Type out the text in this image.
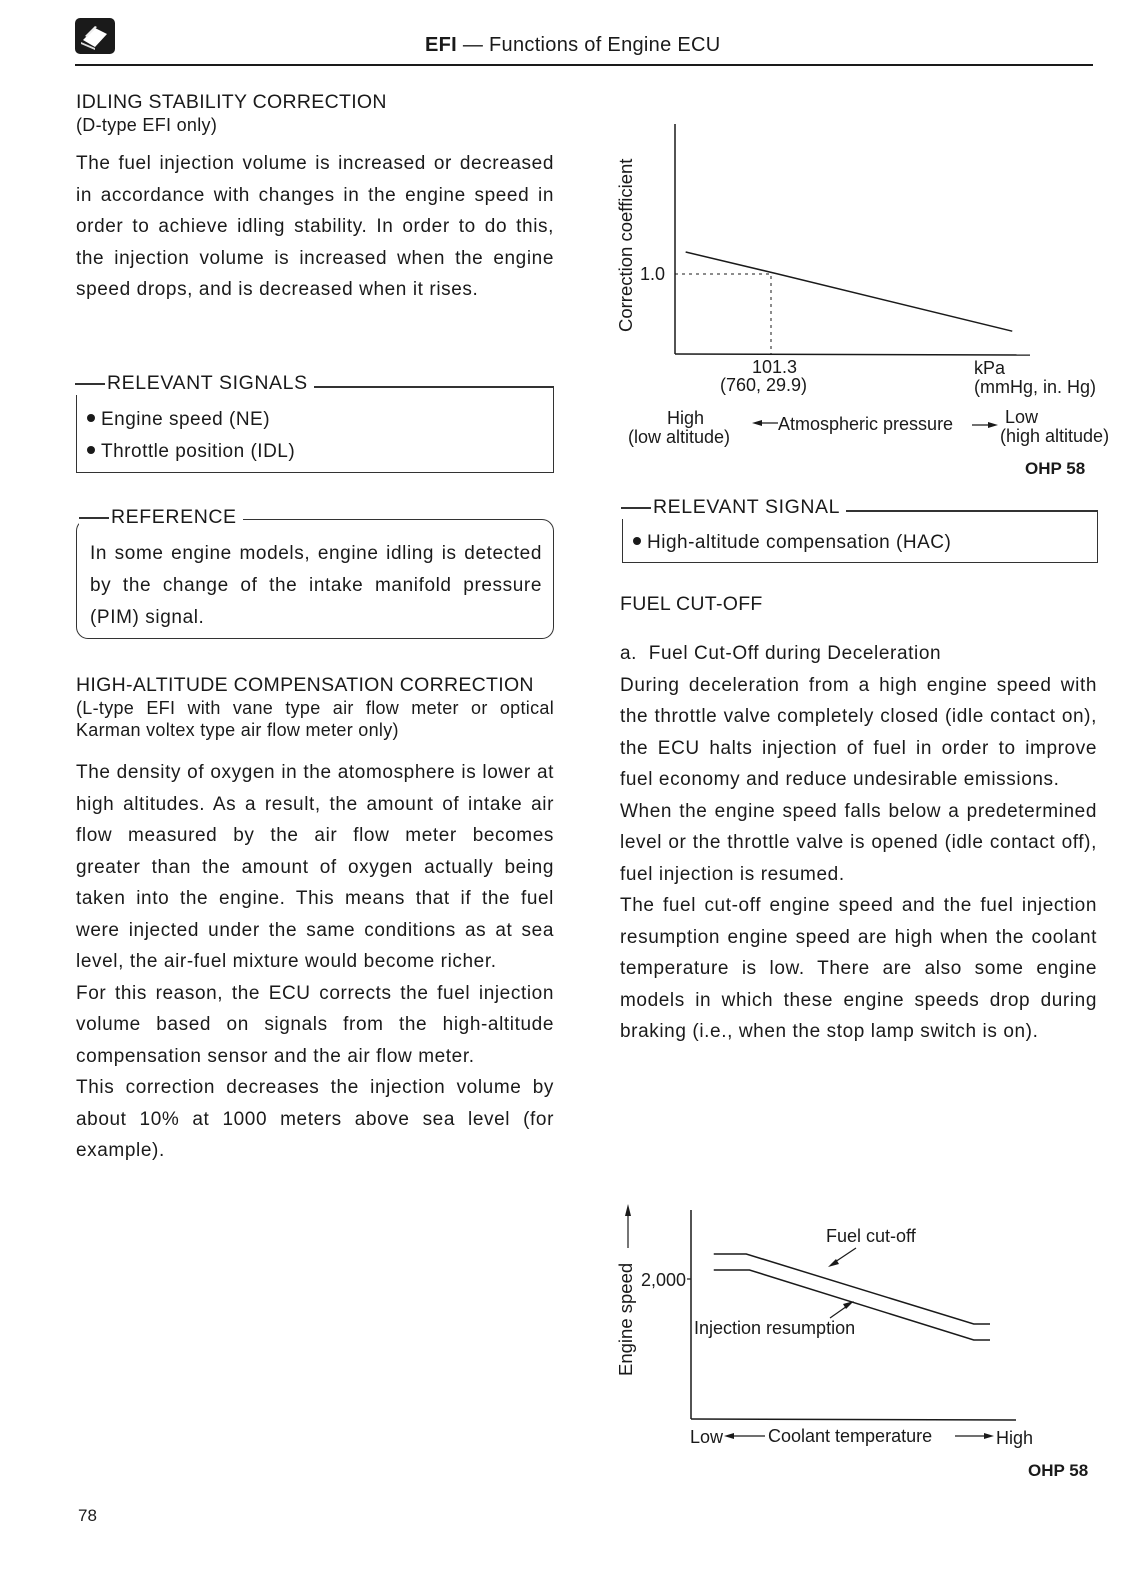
EFI — Functions of Engine ECU
IDLING STABILITY CORRECTION
(D-type EFI only)
The fuel injection volume is increased or decreased in accordance with changes in the engine speed in order to achieve idling stability. In order to do this, the injection volume is increased when the engine speed drops, and is decreased when it rises.
RELEVANT SIGNALS
Engine speed (NE)
Throttle position (IDL)
REFERENCE
In some engine models, engine idling is detected by the change of the intake manifold pressure (PIM) signal.
HIGH-ALTITUDE COMPENSATION CORRECTION
(L-type EFI with vane type air flow meter or optical Karman voltex type air flow meter only)
The density of oxygen in the atomosphere is lower at high altitudes. As a result, the amount of intake air flow measured by the air flow meter becomes greater than the amount of oxygen actually being taken into the engine. This means that if the fuel were injected under the same conditions as at sea level, the air-fuel mixture would become richer.
For this reason, the ECU corrects the fuel injection volume based on signals from the high-altitude compensation sensor and the air flow meter.
This correction decreases the injection volume by about 10% at 1000 meters above sea level (for example).
Correction coefficient 1.0
101.3
(760, 29.9)
kPa
(mmHg, in. Hg)
High
(low altitude)
Atmospheric pressure	Low
(high altitude)
OHP 58
RELEVANT SIGNAL
High-altitude compensation (HAC)
FUEL CUT-OFF
a.  Fuel Cut-Off during Deceleration
During deceleration from a high engine speed with the throttle valve completely closed (idle contact on), the ECU halts injection of fuel in order to improve fuel economy and reduce undesirable emissions.
When the engine speed falls below a predetermined level or the throttle valve is opened (idle contact off), fuel injection is resumed.
The fuel cut-off engine speed and the fuel injection resumption engine speed are high when the coolant temperature is low. There are also some engine models in which these engine speeds drop during braking (i.e., when the stop lamp switch is on).
Engine speed 2,000
Fuel cut-off
Injection resumption
Low Coolant temperature	High
OHP 58
78
